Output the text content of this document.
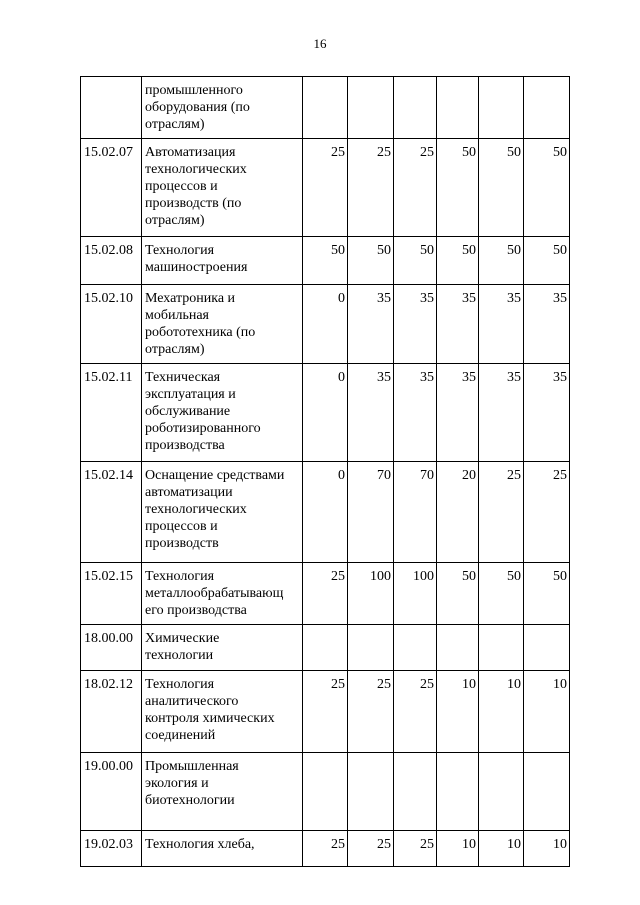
16
	промышленного
оборудования (по
отраслям)						
15.02.07	Автоматизация
технологических
процессов и
производств (по
отраслям)	25	25	25	50	50	50
15.02.08	Технология
машиностроения	50	50	50	50	50	50
15.02.10	Мехатроника и
мобильная
робототехника (по
отраслям)	0	35	35	35	35	35
15.02.11	Техническая
эксплуатация и
обслуживание
роботизированного
производства	0	35	35	35	35	35
15.02.14	Оснащение средствами
автоматизации
технологических
процессов и
производств	0	70	70	20	25	25
15.02.15	Технология
металлообрабатывающ
его производства	25	100	100	50	50	50
18.00.00	Химические
технологии						
18.02.12	Технология
аналитического
контроля химических
соединений	25	25	25	10	10	10
19.00.00	Промышленная
экология и
биотехнологии						
19.02.03	Технология хлеба,	25	25	25	10	10	10
